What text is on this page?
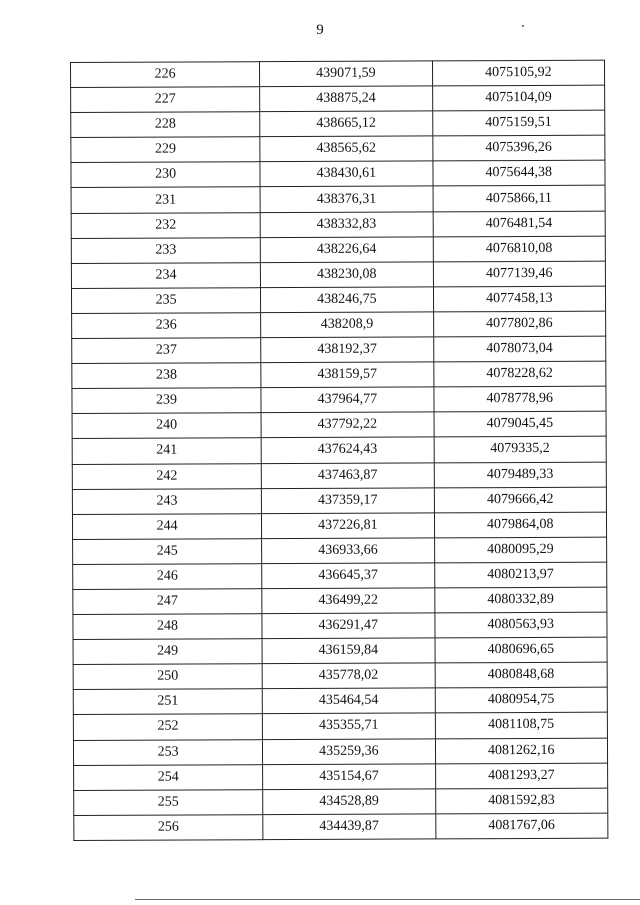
9
226	439071,59	4075105,92
227	438875,24	4075104,09
228	438665,12	4075159,51
229	438565,62	4075396,26
230	438430,61	4075644,38
231	438376,31	4075866,11
232	438332,83	4076481,54
233	438226,64	4076810,08
234	438230,08	4077139,46
235	438246,75	4077458,13
236	438208,9	4077802,86
237	438192,37	4078073,04
238	438159,57	4078228,62
239	437964,77	4078778,96
240	437792,22	4079045,45
241	437624,43	4079335,2
242	437463,87	4079489,33
243	437359,17	4079666,42
244	437226,81	4079864,08
245	436933,66	4080095,29
246	436645,37	4080213,97
247	436499,22	4080332,89
248	436291,47	4080563,93
249	436159,84	4080696,65
250	435778,02	4080848,68
251	435464,54	4080954,75
252	435355,71	4081108,75
253	435259,36	4081262,16
254	435154,67	4081293,27
255	434528,89	4081592,83
256	434439,87	4081767,06
